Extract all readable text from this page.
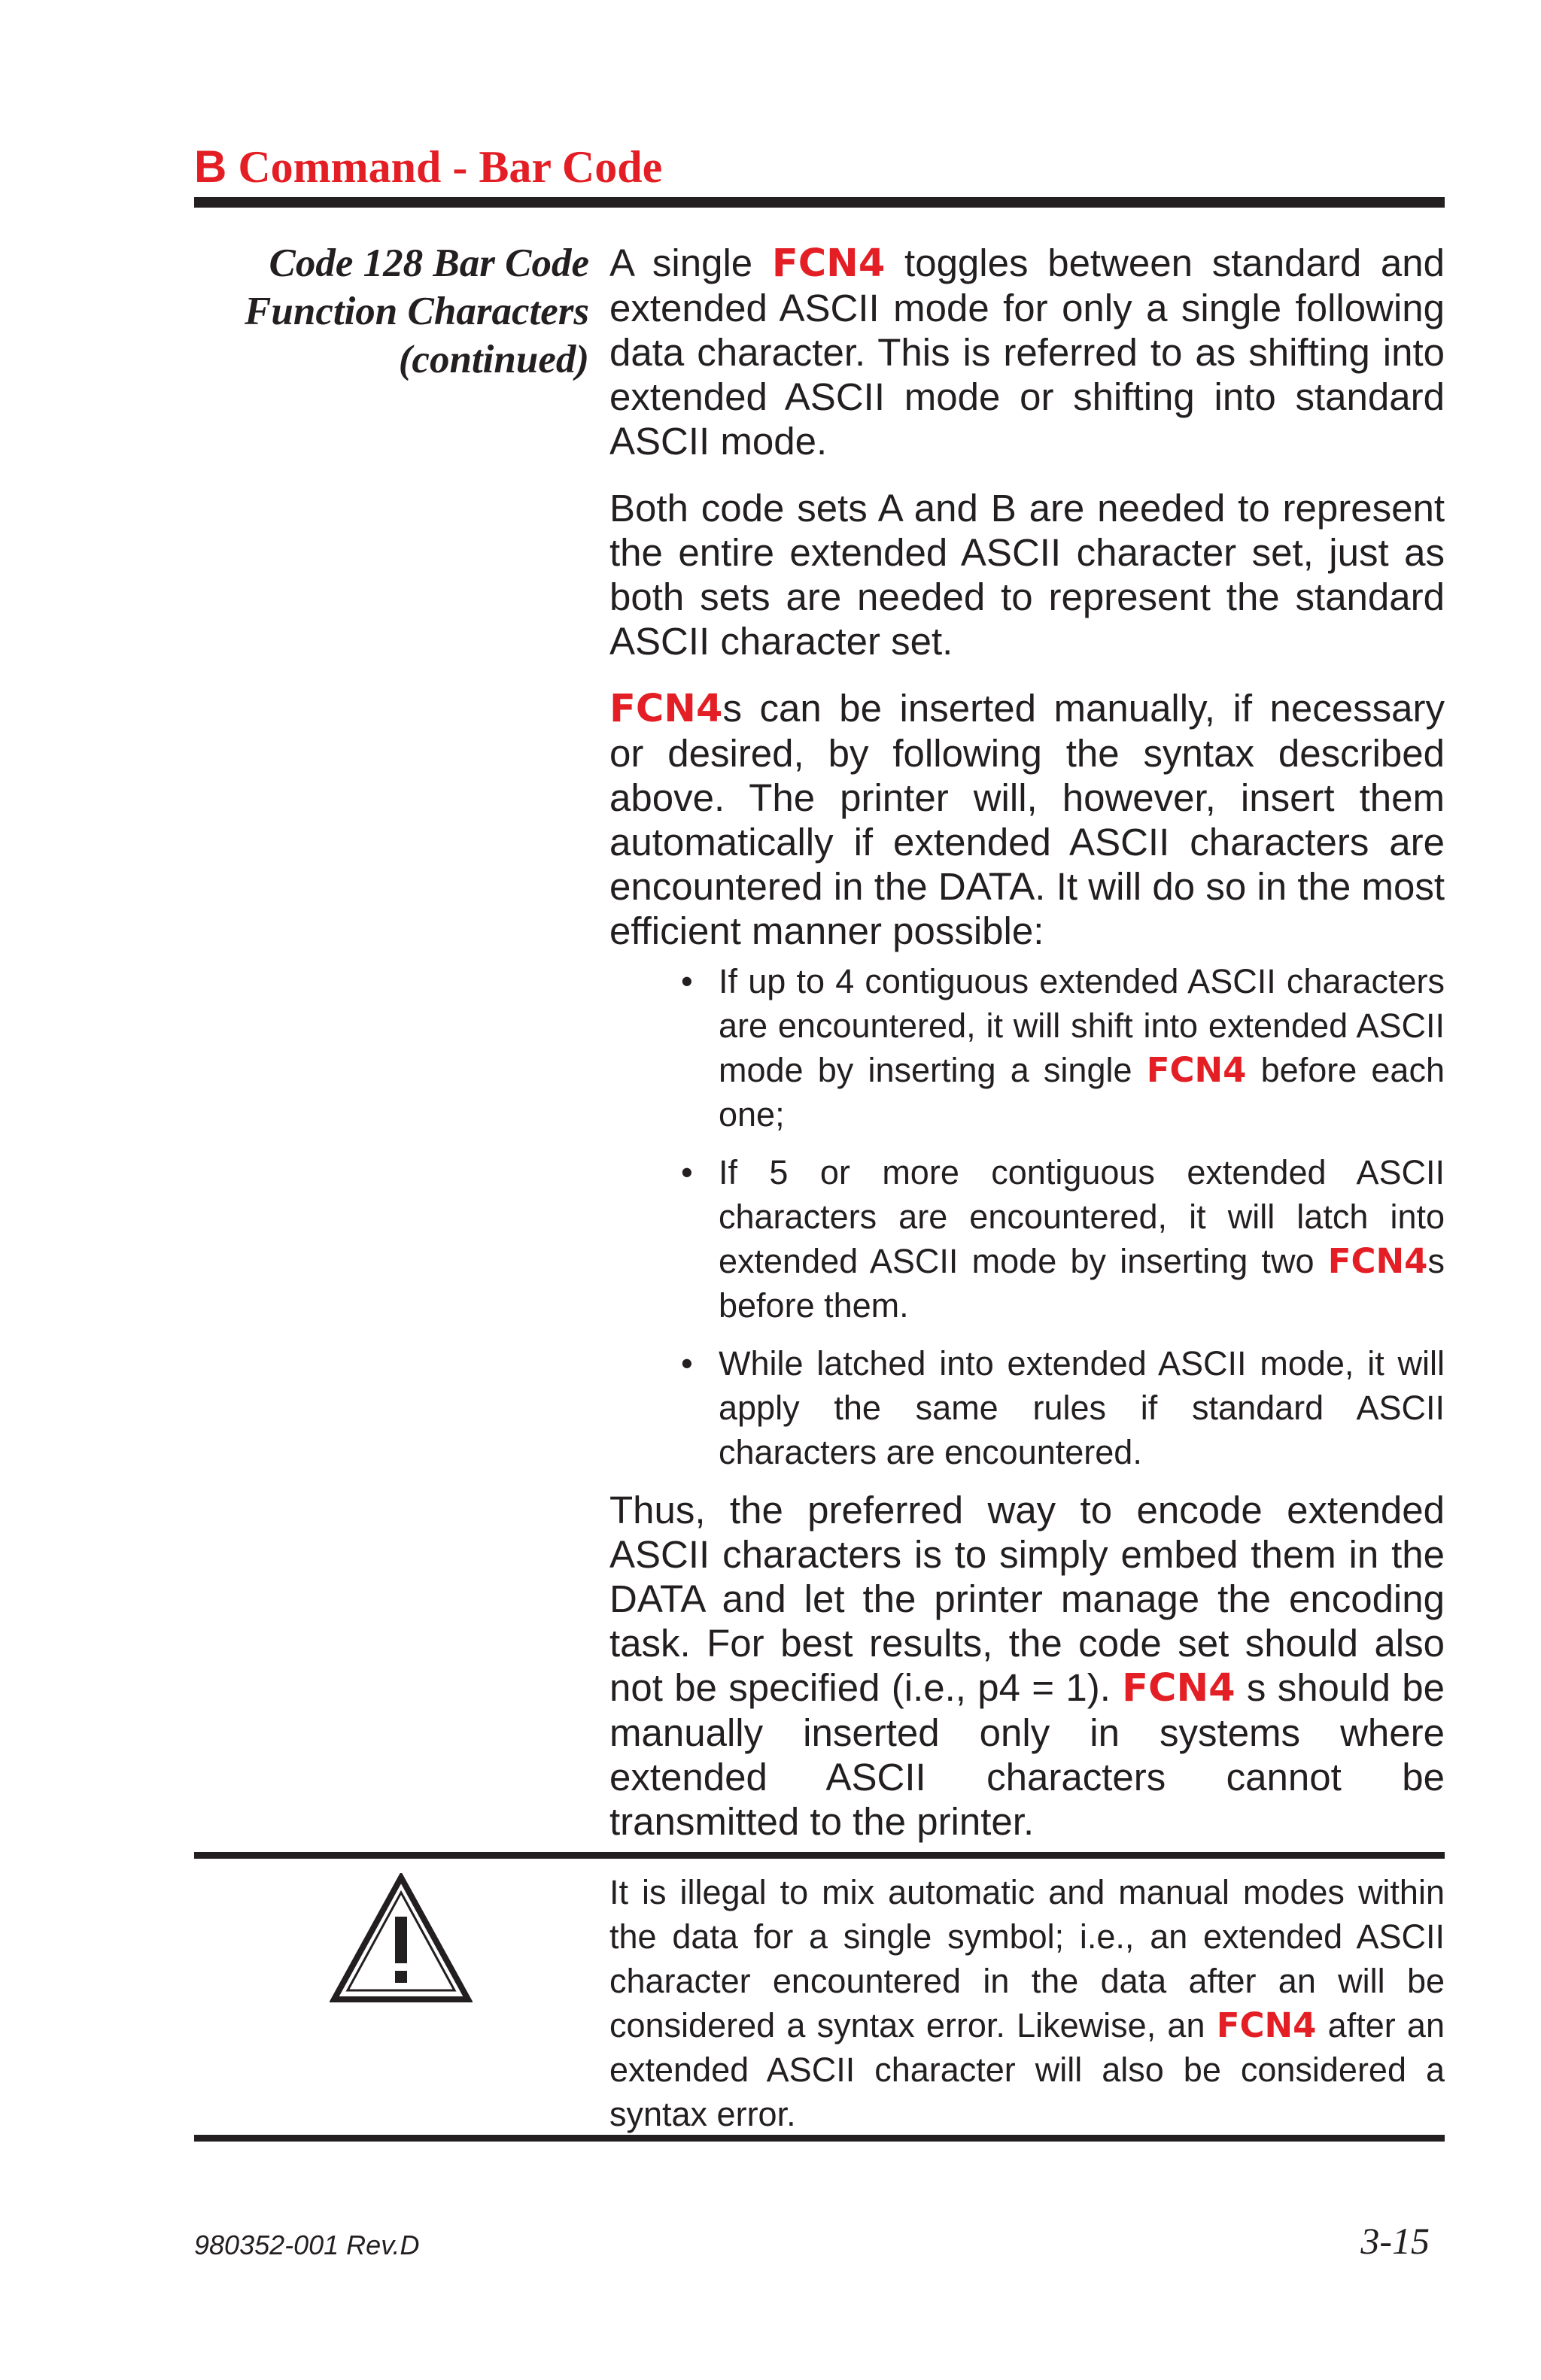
B Command - Bar Code
Code 128 Bar Code
Function Characters
(continued)

A single FCN4 toggles between standard and extended ASCII mode for only a single following data character. This is referred to as shifting into extended ASCII mode or shifting into standard ASCII mode.

Both code sets A and B are needed to represent the entire extended ASCII character set, just as both sets are needed to represent the standard ASCII character set.

FCN4s can be inserted manually, if necessary or desired, by following the syntax described above. The printer will, however, insert them automatically if extended ASCII characters are encountered in the DATA. It will do so in the most efficient manner possible:

• If up to 4 contiguous extended ASCII characters are encountered, it will shift into extended ASCII mode by inserting a single FCN4 before each one;
• If 5 or more contiguous extended ASCII characters are encountered, it will latch into extended ASCII mode by inserting two FCN4s before them.
• While latched into extended ASCII mode, it will apply the same rules if standard ASCII characters are encountered.

Thus, the preferred way to encode extended ASCII characters is to simply embed them in the DATA and let the printer manage the encoding task. For best results, the code set should also not be specified (i.e., p4 = 1). FCN4 s should be manually inserted only in systems where extended ASCII characters cannot be transmitted to the printer.

It is illegal to mix automatic and manual modes within the data for a single symbol; i.e., an extended ASCII character encountered in the data after an will be considered a syntax error. Likewise, an FCN4 after an extended ASCII character will also be considered a syntax error.
980352-001 Rev.D	3-15
